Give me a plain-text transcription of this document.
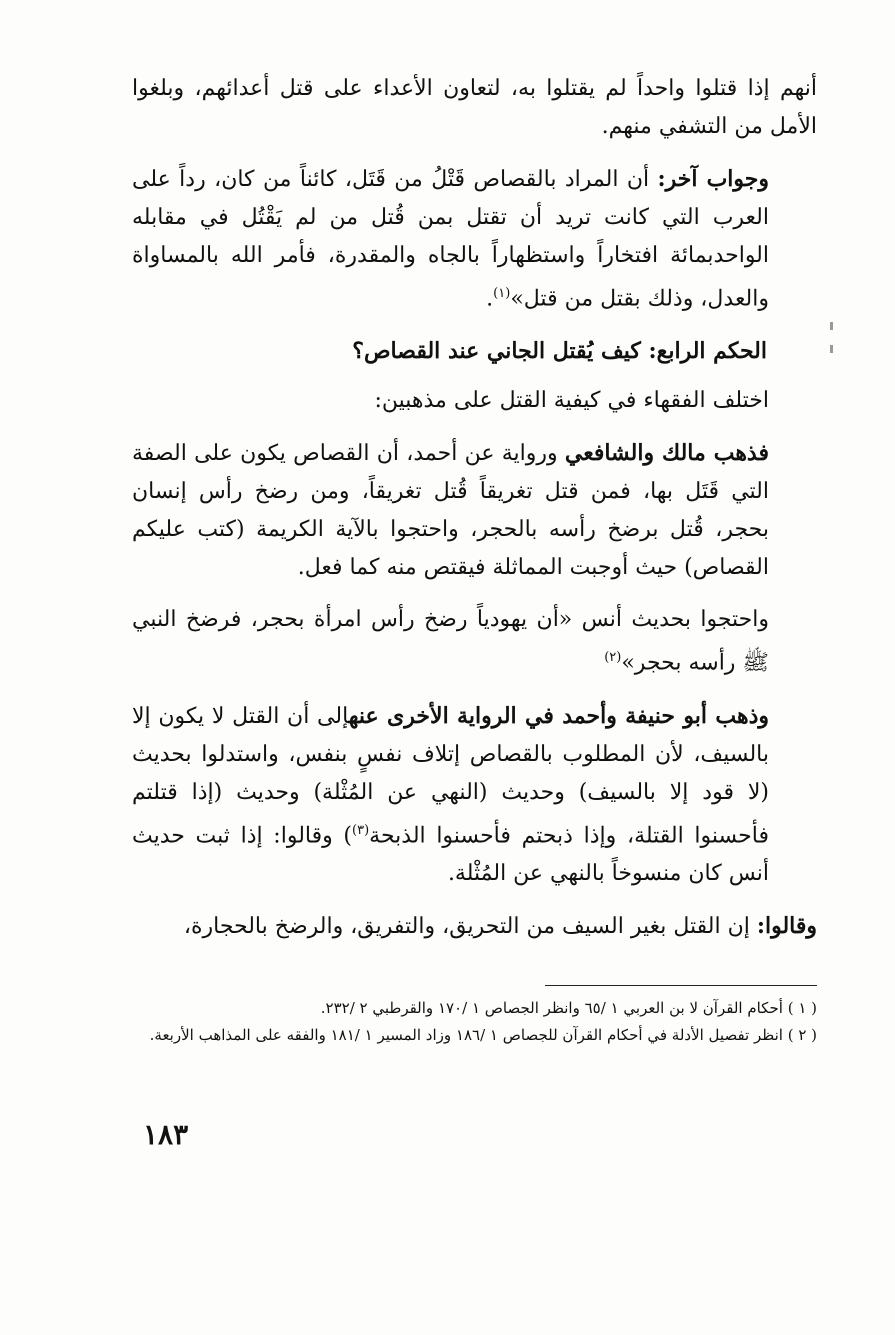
أنهم إذا قتلوا واحداً لم يقتلوا به، لتعاون الأعداء على قتل أعدائهم، وبلغوا الأمل من التشفي منهم.

وجواب آخر: أن المراد بالقصاص قَتْلُ من قَتَل، كائناً من كان، رداً على العرب التي كانت تريد أن تقتل بمن قُتل من لم يَقْتُل في مقابله الواحدبمائة افتخاراً واستظهاراً بالجاه والمقدرة، فأمر الله بالمساواة والعدل، وذلك بقتل من قتل»$^{(١)}$.

الحكم الرابع: كيف يُقتل الجاني عند القصاص؟

اختلف الفقهاء في كيفية القتل على مذهبين:

فذهب مالك والشافعي ورواية عن أحمد، أن القصاص يكون على الصفة التي قَتَل بها، فمن قتل تغريقاً قُتل تغريقاً، ومن رضخ رأس إنسان بحجر، قُتل برضخ رأسه بالحجر، واحتجوا بالآية الكريمة (كتب عليكم القصاص) حيث أوجبت المماثلة فيقتص منه كما فعل.

واحتجوا بحديث أنس «أن يهودياً رضخ رأس امرأة بحجر، فرضخ النبي ﷺ رأسه بحجر»$^{(٢)}$

وذهب أبو حنيفة وأحمد في الرواية الأخرى عنهإلى أن القتل لا يكون إلا بالسيف، لأن المطلوب بالقصاص إتلاف نفسٍ بنفس، واستدلوا بحديث (لا قود إلا بالسيف) وحديث (النهي عن المُثْلة) وحديث (إذا قتلتم فأحسنوا القتلة، وإذا ذبحتم فأحسنوا الذبحة$^{(٣)}$) وقالوا: إذا ثبت حديث أنس كان منسوخاً بالنهي عن المُثْلة.

وقالوا: إن القتل بغير السيف من التحريق، والتفريق، والرضخ بالحجارة،

( ١ ) أحكام القرآن لا بن العربي ١ /٦٥ وانظر الجصاص ١ /١٧٠ والقرطبي ٢ /٢٣٢.

( ٢ ) انظر تفصيل الأدلة في أحكام القرآن للجصاص ١ /١٨٦ وزاد المسير ١ /١٨١ والفقه على المذاهب الأربعة.

١٨٣
